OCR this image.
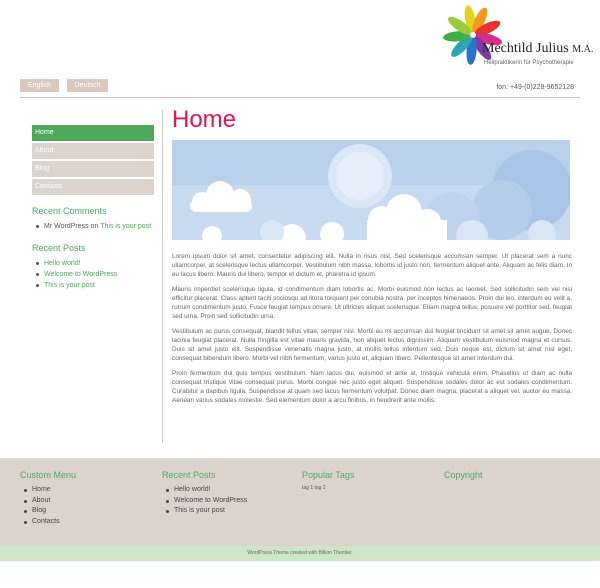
Mechtild Julius M.A.
Heilpraktikerin für Psychotherapie
English	Deutsch	fon: +49-(0)228-9652128
Home
About
Blog
Contacts
Recent Comments
Mr WordPress on This is your post
Recent Posts
Hello world!
Welcome to WordPress
This is your post
Home

Lorem ipsum dolor sit amet, consectetur adipiscing elit. Nulla in risus nisl. Sed scelerisque accumsan semper. Ut placerat sem a nunc ullamcorper, at scelerisque lectus ullamcorper. Vestibulum nibh massa, lobortis id justo non, fermentum aliquet ante. Aliquam ac felis diam. In eu lacus libero. Mauris dui libero, tempor et dictum et, pharetra id ipsum.

Mauris imperdiet scelerisque ligula, id condimentum diam lobortis ac. Morbi euismod non lectus ac laoreet. Sed sollicitudin sem vel nisi efficitur placerat. Class aptent taciti sociosqu ad litora torquent per conubia nostra, per inceptos himenaeos. Proin dui leo, interdum eu velit a, rutrum condimentum justo. Fusce feugiat tempus ornare. Ut ultricies aliquet scelerisque. Etiam magna tellus, posuere vel porttitor sed, feugiat sed urna. Proin sed sollicitudin urna.

Vestibulum ac purus consequat, blandit tellus vitae, semper nisl. Morbi eu mi accumsan dui feugiat tincidunt sit amet sit amet augue. Donec lacinia feugiat placerat. Nulla fringilla est vitae mauris gravida, non aliquet lectus dignissim. Aliquam vestibulum euismod magna et cursus. Duis sit amet justo elit. Suspendisse venenatis magna justo, at mollis tellus interdum sed. Duis neque est, dictum sit amet nisl eget, consequat bibendum libero. Morbi vel nibh fermentum, varius justo et, aliquam libero. Pellentesque sit amet interdum dui.

Proin fermentum dui quis tempus vestibulum. Nam lacus dui, euismod et ante at, tristique vehicula enim. Phasellus ut diam ac nulla consequat tristique vitae consequat purus. Morbi congue nec justo eget aliquet. Suspendisse sodales dolor ac est sodales condimentum. Curabitur a dapibus ligula. Suspendisse at quam sed lacus fermentum volutpat. Donec diam magna, placerat a aliquet vel, auctor eu massa. Aenean varius sodales molestie. Sed elementum dolor a arcu finibus, in hendrerit ante mollis.

Custom Menu
Home
About
Blog
Contacts
Recent Posts
Hello world!
Welcome to WordPress
This is your post
Popular Tags
tag 1 tag 2
Copyright
WordPress Theme created with Billion Themler.
